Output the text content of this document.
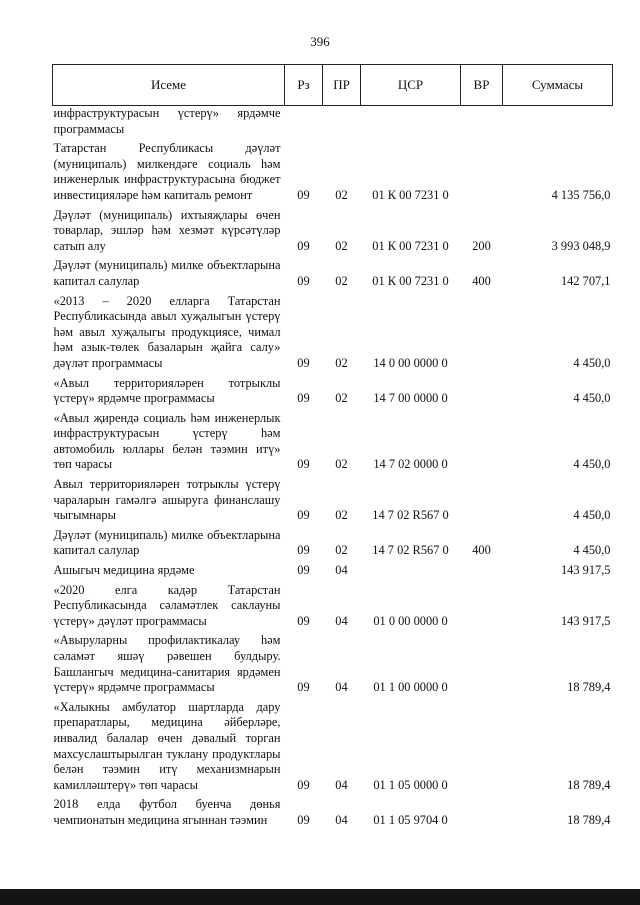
396
Исеме	Рз	ПР	ЦСР	ВР	Суммасы
инфраструктурасын үстерү» ярдәмче программасы					
Татарстан Республикасы дәүләт (муниципаль) милкендәге социаль һәм инженерлык инфраструктурасына бюджет инвестицияләре һәм капиталь ремонт	09	02	01 К 00 7231 0		4 135 756,0
Дәүләт (муниципаль) ихтыяҗлары өчен товарлар, эшләр һәм хезмәт күрсәтүләр сатып алу	09	02	01 К 00 7231 0	200	3 993 048,9
Дәүләт (муниципаль) милке объектларына капитал салулар	09	02	01 К 00 7231 0	400	142 707,1
«2013 – 2020 елларга Татарстан Республикасында авыл хуҗалыгын үстерү һәм авыл хуҗалыгы продукциясе, чимал һәм азык-төлек базаларын җайга салу» дәүләт программасы	09	02	14 0 00 0000 0		4 450,0
«Авыл территорияләрен тотрыклы үстерү» ярдәмче программасы	09	02	14 7 00 0000 0		4 450,0
«Авыл җирендә социаль һәм инженерлык инфраструктурасын үстерү һәм автомобиль юллары белән тәэмин итү» төп чарасы	09	02	14 7 02 0000 0		4 450,0
Авыл территорияләрен тотрыклы үстерү чараларын гамәлгә ашыруга финанслашу чыгымнары	09	02	14 7 02 R567 0		4 450,0
Дәүләт (муниципаль) милке объектларына капитал салулар	09	02	14 7 02 R567 0	400	4 450,0
Ашыгыч медицина ярдәме	09	04			143 917,5
«2020 елга кадәр Татарстан Республикасында сәламәтлек саклауны үстерү» дәүләт программасы	09	04	01 0 00 0000 0		143 917,5
«Авыруларны профилактикалау һәм сәламәт яшәү рәвешен булдыру. Башлангыч медицина-санитария ярдәмен үстерү» ярдәмче программасы	09	04	01 1 00 0000 0		18 789,4
«Халыкны амбулатор шартларда дару препаратлары, медицина әйберләре, инвалид балалар өчен дәвалый торган махсуслаштырылган туклану продуктлары белән тәэмин итү механизмнарын камилләштерү» төп чарасы	09	04	01 1 05 0000 0		18 789,4
2018 елда футбол буенча дөнья чемпионатын медицина ягыннан тәэмин	09	04	01 1 05 9704 0		18 789,4
